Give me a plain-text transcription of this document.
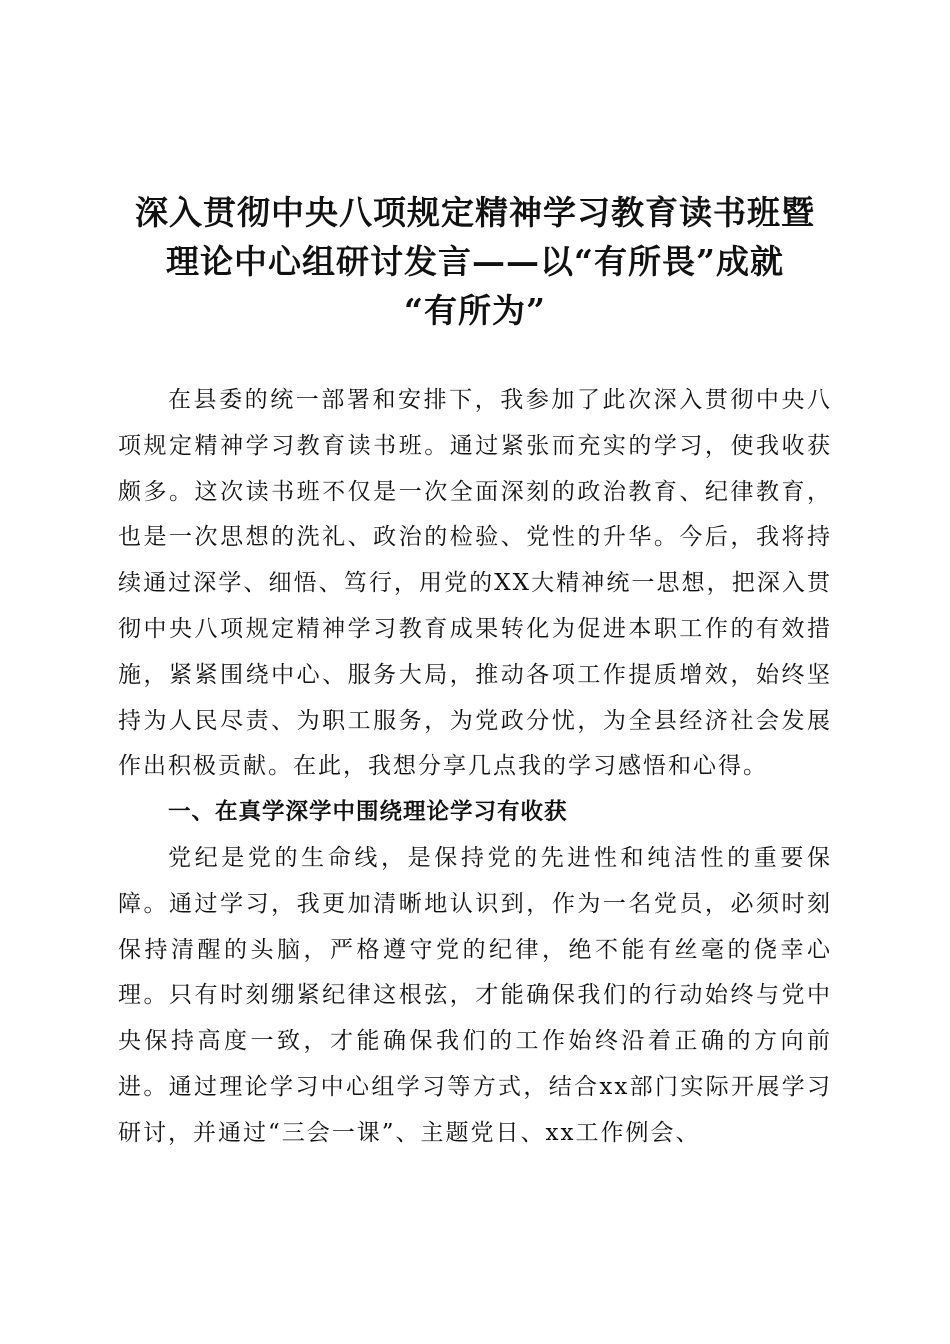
深入贯彻中央八项规定精神学习教育读书班暨
理论中心组研讨发言——以“有所畏”成就
“有所为”

在县委的统一部署和安排下，我参加了此次深入贯彻中央八项规定精神学习教育读书班。通过紧张而充实的学习，使我收获颇多。这次读书班不仅是一次全面深刻的政治教育、纪律教育，也是一次思想的洗礼、政治的检验、党性的升华。今后，我将持续通过深学、细悟、笃行，用党的XX大精神统一思想，把深入贯彻中央八项规定精神学习教育成果转化为促进本职工作的有效措施，紧紧围绕中心、服务大局，推动各项工作提质增效，始终坚持为人民尽责、为职工服务，为党政分忧，为全县经济社会发展作出积极贡献。在此，我想分享几点我的学习感悟和心得。

一、在真学深学中围绕理论学习有收获

党纪是党的生命线，是保持党的先进性和纯洁性的重要保障。通过学习，我更加清晰地认识到，作为一名党员，必须时刻保持清醒的头脑，严格遵守党的纪律，绝不能有丝毫的侥幸心理。只有时刻绷紧纪律这根弦，才能确保我们的行动始终与党中央保持高度一致，才能确保我们的工作始终沿着正确的方向前进。通过理论学习中心组学习等方式，结合xx部门实际开展学习研讨，并通过“三会一课”、主题党日、xx工作例会、
